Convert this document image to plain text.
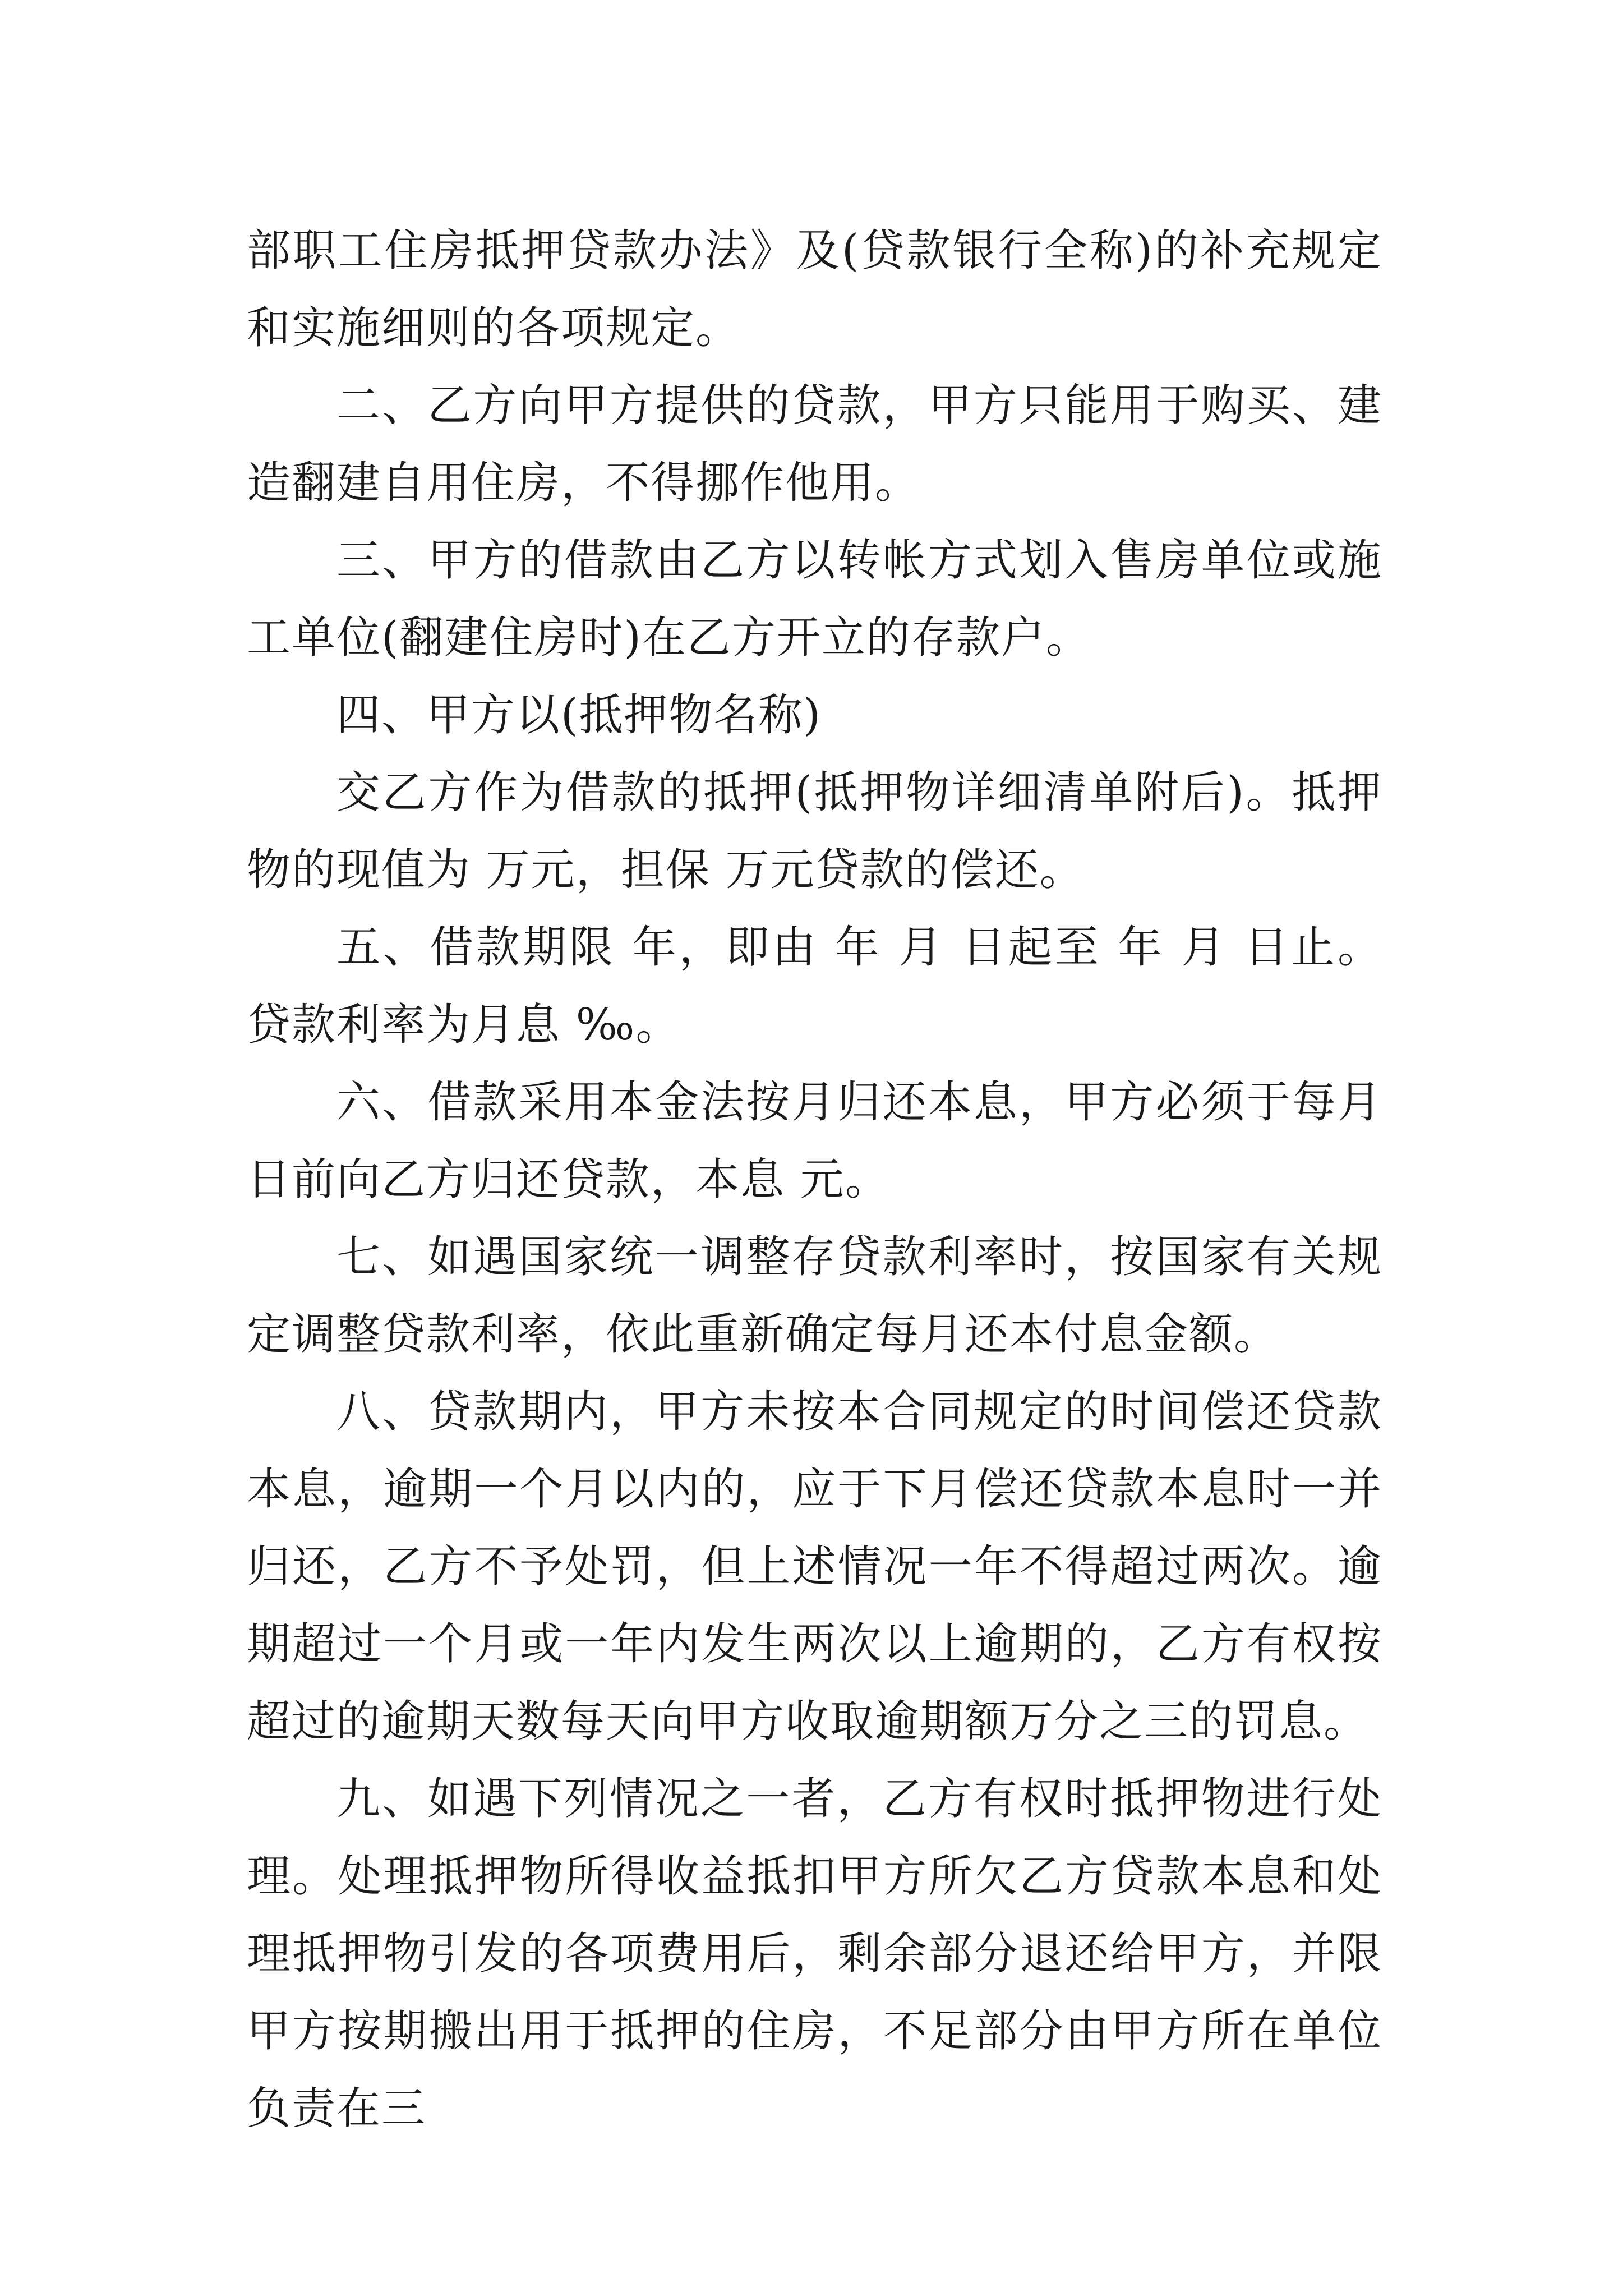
部职工住房抵押贷款办法》及(贷款银行全称)的补充规定和实施细则的各项规定。

二、乙方向甲方提供的贷款，甲方只能用于购买、建造翻建自用住房，不得挪作他用。

三、甲方的借款由乙方以转帐方式划入售房单位或施工单位(翻建住房时)在乙方开立的存款户。

四、甲方以(抵押物名称)

交乙方作为借款的抵押(抵押物详细清单附后)。抵押物的现值为 万元，担保 万元贷款的偿还。

五、借款期限 年，即由 年 月 日起至 年 月 日止。贷款利率为月息 ‰。

六、借款采用本金法按月归还本息，甲方必须于每月日前向乙方归还贷款，本息 元。

七、如遇国家统一调整存贷款利率时，按国家有关规定调整贷款利率，依此重新确定每月还本付息金额。

八、贷款期内，甲方未按本合同规定的时间偿还贷款本息，逾期一个月以内的，应于下月偿还贷款本息时一并归还，乙方不予处罚，但上述情况一年不得超过两次。逾期超过一个月或一年内发生两次以上逾期的，乙方有权按超过的逾期天数每天向甲方收取逾期额万分之三的罚息。

九、如遇下列情况之一者，乙方有权时抵押物进行处理。处理抵押物所得收益抵扣甲方所欠乙方贷款本息和处理抵押物引发的各项费用后，剩余部分退还给甲方，并限甲方按期搬出用于抵押的住房，不足部分由甲方所在单位负责在三
